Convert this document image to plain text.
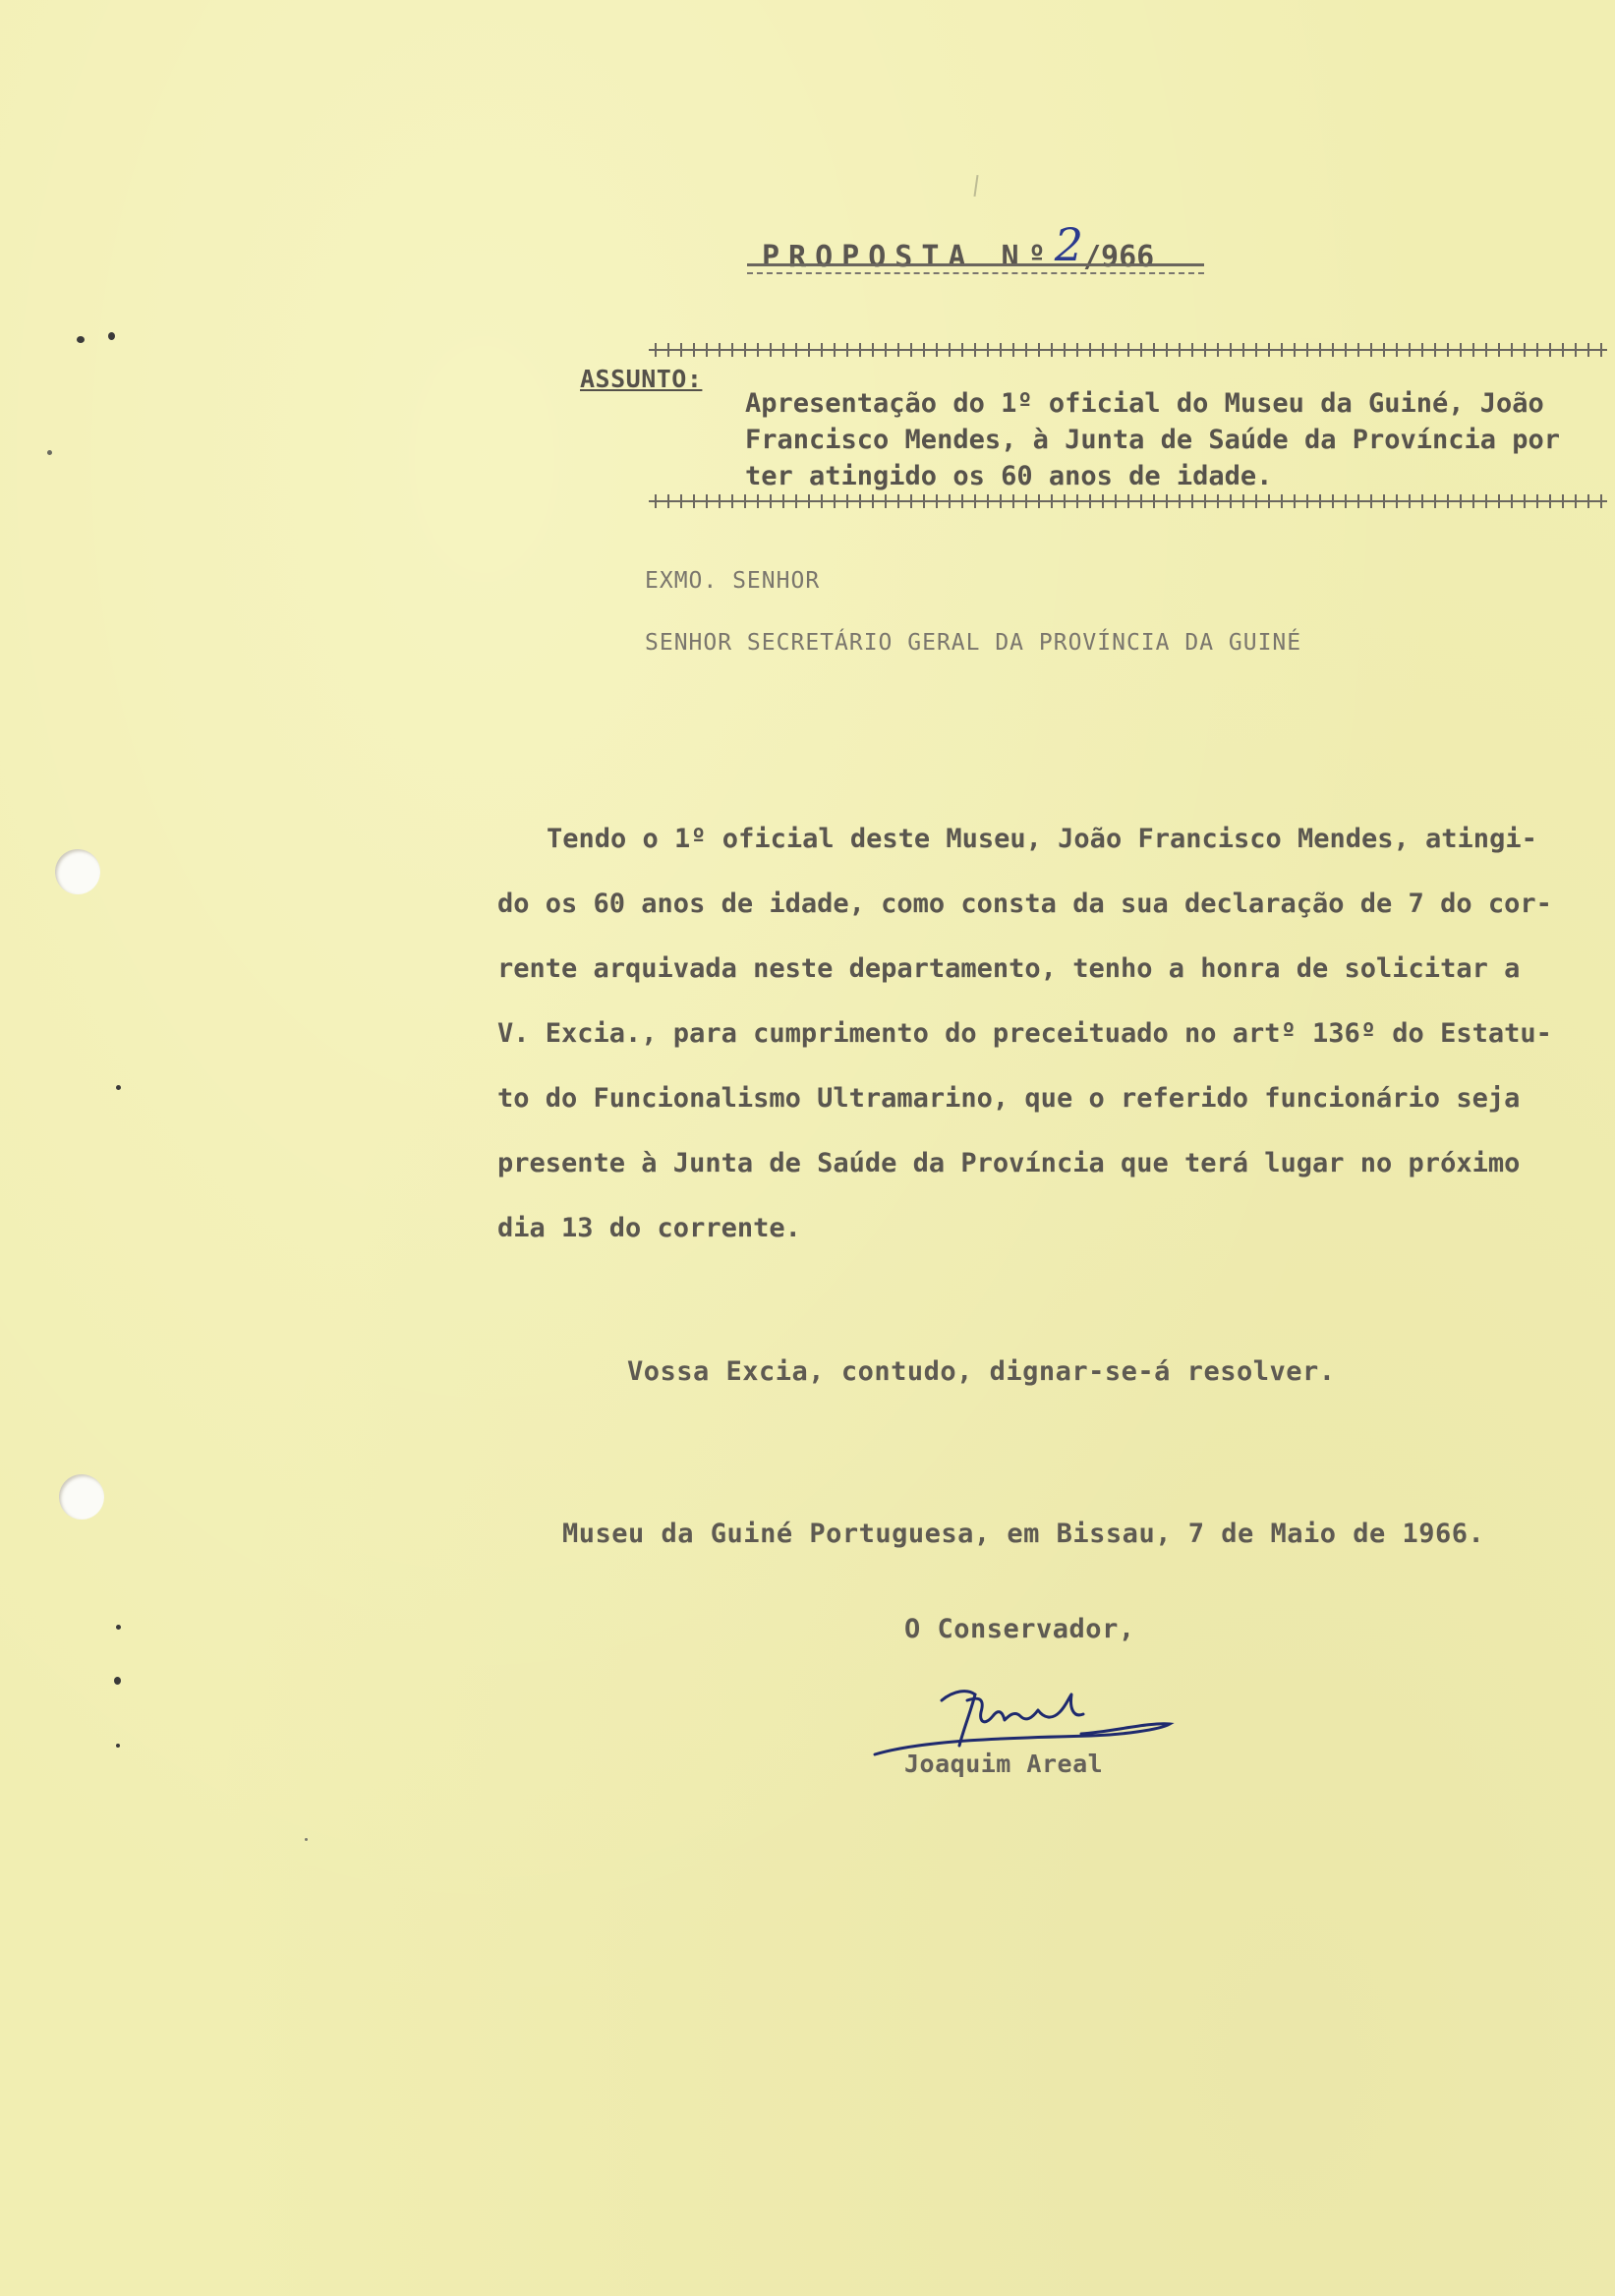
PROPOSTA Nº2/966
ASSUNTO:
Apresentação do 1º oficial do Museu da Guiné, João
Francisco Mendes, à Junta de Saúde da Província por
ter atingido os 60 anos de idade.
EXMO. SENHOR
SENHOR SECRETÁRIO GERAL DA PROVÍNCIA DA GUINÉ
Tendo o 1º oficial deste Museu, João Francisco Mendes, atingi-
do os 60 anos de idade, como consta da sua declaração de 7 do cor-
rente arquivada neste departamento, tenho a honra de solicitar a
V. Excia., para cumprimento do preceituado no artº 136º do Estatu-
to do Funcionalismo Ultramarino, que o referido funcionário seja
presente à Junta de Saúde da Província que terá lugar no próximo
dia 13 do corrente.
Vossa Excia, contudo, dignar-se-á resolver.
Museu da Guiné Portuguesa, em Bissau, 7 de Maio de 1966.
O Conservador,
Joaquim Areal
